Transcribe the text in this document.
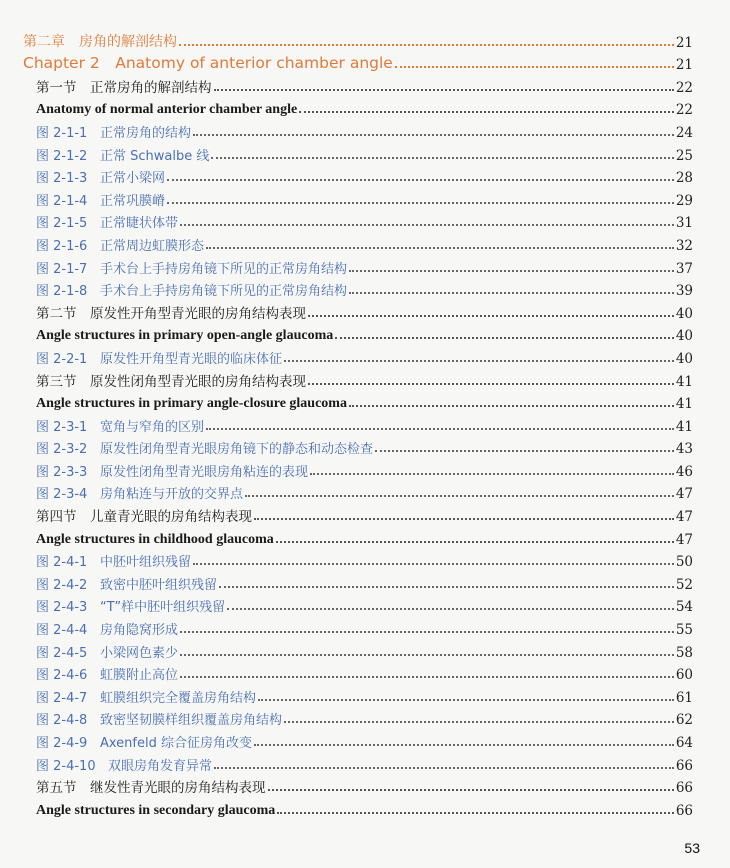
第二章　房角的解剖结构	21
Chapter 2　Anatomy of anterior chamber angle	21
第一节　正常房角的解剖结构	22
Anatomy of normal anterior chamber angle	22
图 2-1-1 正常房角的结构	24
图 2-1-2 正常 Schwalbe 线	25
图 2-1-3 正常小梁网	28
图 2-1-4 正常巩膜嵴	29
图 2-1-5 正常睫状体带	31
图 2-1-6 正常周边虹膜形态	32
图 2-1-7 手术台上手持房角镜下所见的正常房角结构	37
图 2-1-8 手术台上手持房角镜下所见的正常房角结构	39
第二节　原发性开角型青光眼的房角结构表现	40
Angle structures in primary open-angle glaucoma	40
图 2-2-1 原发性开角型青光眼的临床体征	40
第三节　原发性闭角型青光眼的房角结构表现	41
Angle structures in primary angle-closure glaucoma	41
图 2-3-1 宽角与窄角的区别	41
图 2-3-2 原发性闭角型青光眼房角镜下的静态和动态检查	43
图 2-3-3 原发性闭角型青光眼房角粘连的表现	46
图 2-3-4 房角粘连与开放的交界点	47
第四节　儿童青光眼的房角结构表现	47
Angle structures in childhood glaucoma	47
图 2-4-1 中胚叶组织残留	50
图 2-4-2 致密中胚叶组织残留	52
图 2-4-3 “T”样中胚叶组织残留	54
图 2-4-4 房角隐窝形成	55
图 2-4-5 小梁网色素少	58
图 2-4-6 虹膜附止高位	60
图 2-4-7 虹膜组织完全覆盖房角结构	61
图 2-4-8 致密坚韧膜样组织覆盖房角结构	62
图 2-4-9 Axenfeld 综合征房角改变	64
图 2-4-10 双眼房角发育异常	66
第五节　继发性青光眼的房角结构表现	66
Angle structures in secondary glaucoma	66
53
